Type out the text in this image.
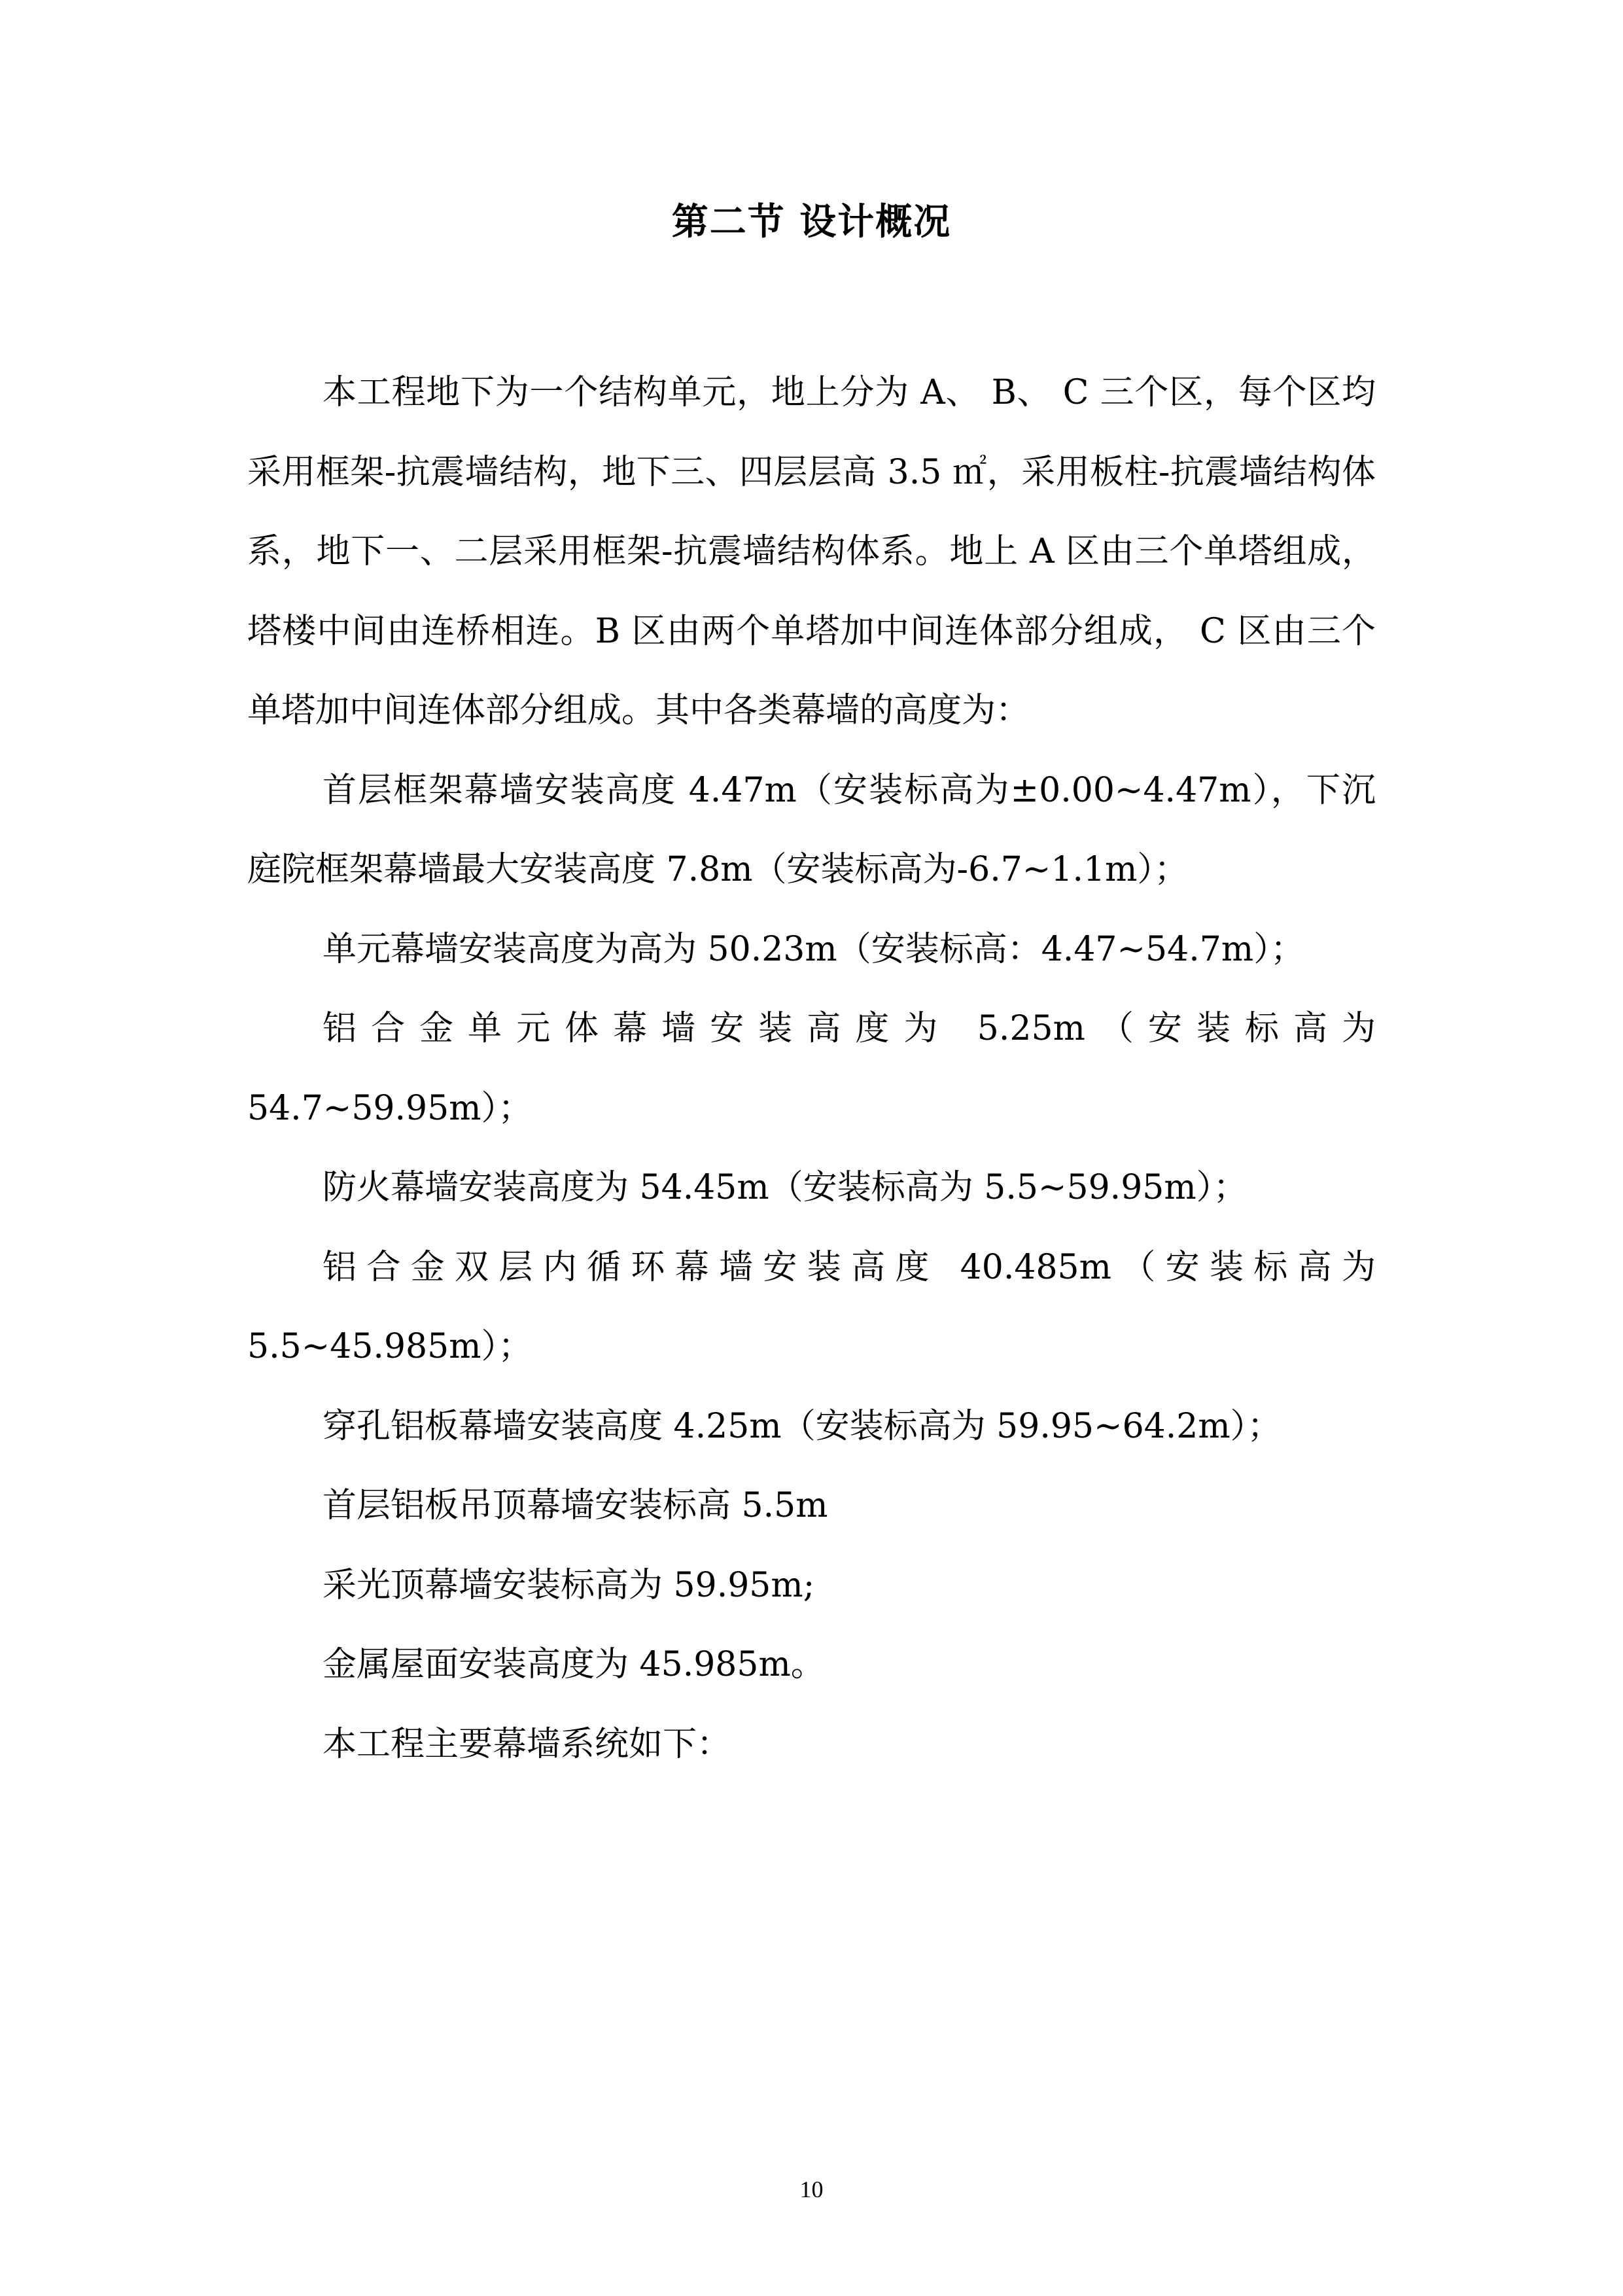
第二节 设计概况

本工程地下为一个结构单元，地上分为 A、 B、 C 三个区，每个区均采用框架-抗震墙结构，地下三、四层层高 3.5 ㎡，采用板柱-抗震墙结构体系，地下一、二层采用框架-抗震墙结构体系。地上 A 区由三个单塔组成，塔楼中间由连桥相连。B 区由两个单塔加中间连体部分组成， C 区由三个单塔加中间连体部分组成。其中各类幕墙的高度为：

首层框架幕墙安装高度 4.47m（安装标高为±0.00~4.47m），下沉庭院框架幕墙最大安装高度 7.8m（安装标高为-6.7~1.1m）；

单元幕墙安装高度为高为 50.23m（安装标高：4.47~54.7m）；

铝合金单元体幕墙安装高度为 5.25m（安装标高为 54.7~59.95m）；

防火幕墙安装高度为 54.45m（安装标高为 5.5~59.95m）；

铝合金双层内循环幕墙安装高度 40.485m（安装标高为 5.5~45.985m）；

穿孔铝板幕墙安装高度 4.25m（安装标高为 59.95~64.2m）；

首层铝板吊顶幕墙安装标高 5.5m

采光顶幕墙安装标高为 59.95m;

金属屋面安装高度为 45.985m。

本工程主要幕墙系统如下：

10
